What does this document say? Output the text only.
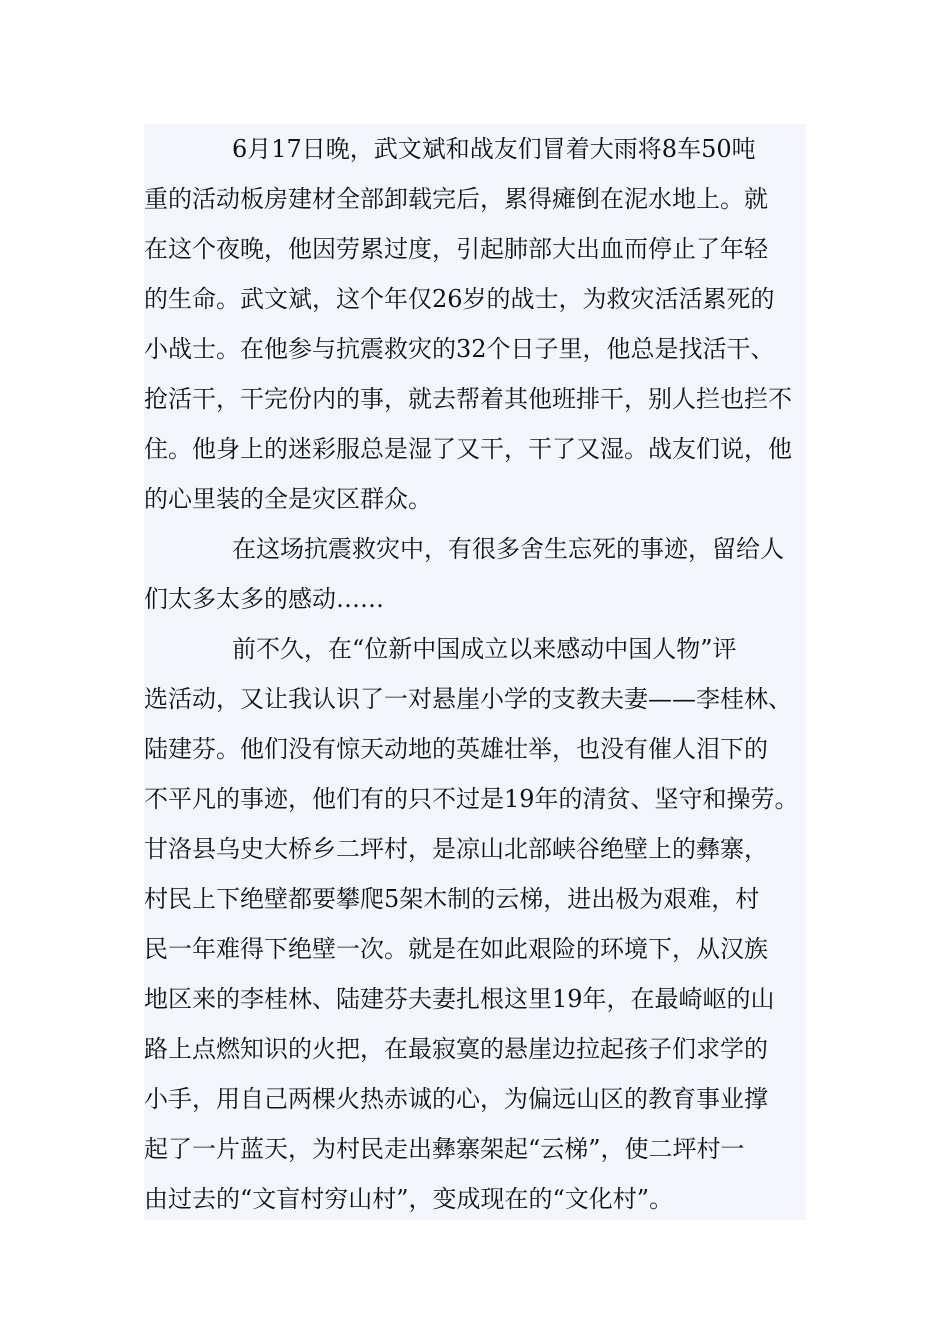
6月17日晚，武文斌和战友们冒着大雨将8车50吨
重的活动板房建材全部卸载完后，累得瘫倒在泥水地上。就
在这个夜晚，他因劳累过度，引起肺部大出血而停止了年轻
的生命。武文斌，这个年仅26岁的战士，为救灾活活累死的
小战士。在他参与抗震救灾的32个日子里，他总是找活干、
抢活干，干完份内的事，就去帮着其他班排干，别人拦也拦不
住。他身上的迷彩服总是湿了又干，干了又湿。战友们说，他
的心里装的全是灾区群众。
在这场抗震救灾中，有很多舍生忘死的事迹，留给人
们太多太多的感动……
前不久，在“位新中国成立以来感动中国人物”评
选活动，又让我认识了一对悬崖小学的支教夫妻——李桂林、
陆建芬。他们没有惊天动地的英雄壮举，也没有催人泪下的
不平凡的事迹，他们有的只不过是19年的清贫、坚守和操劳。
甘洛县乌史大桥乡二坪村，是凉山北部峡谷绝壁上的彝寨，
村民上下绝壁都要攀爬5架木制的云梯，进出极为艰难，村
民一年难得下绝壁一次。就是在如此艰险的环境下，从汉族
地区来的李桂林、陆建芬夫妻扎根这里19年，在最崎岖的山
路上点燃知识的火把，在最寂寞的悬崖边拉起孩子们求学的
小手，用自己两棵火热赤诚的心，为偏远山区的教育事业撑
起了一片蓝天，为村民走出彝寨架起“云梯”，使二坪村一
由过去的“文盲村穷山村”，变成现在的“文化村”。
